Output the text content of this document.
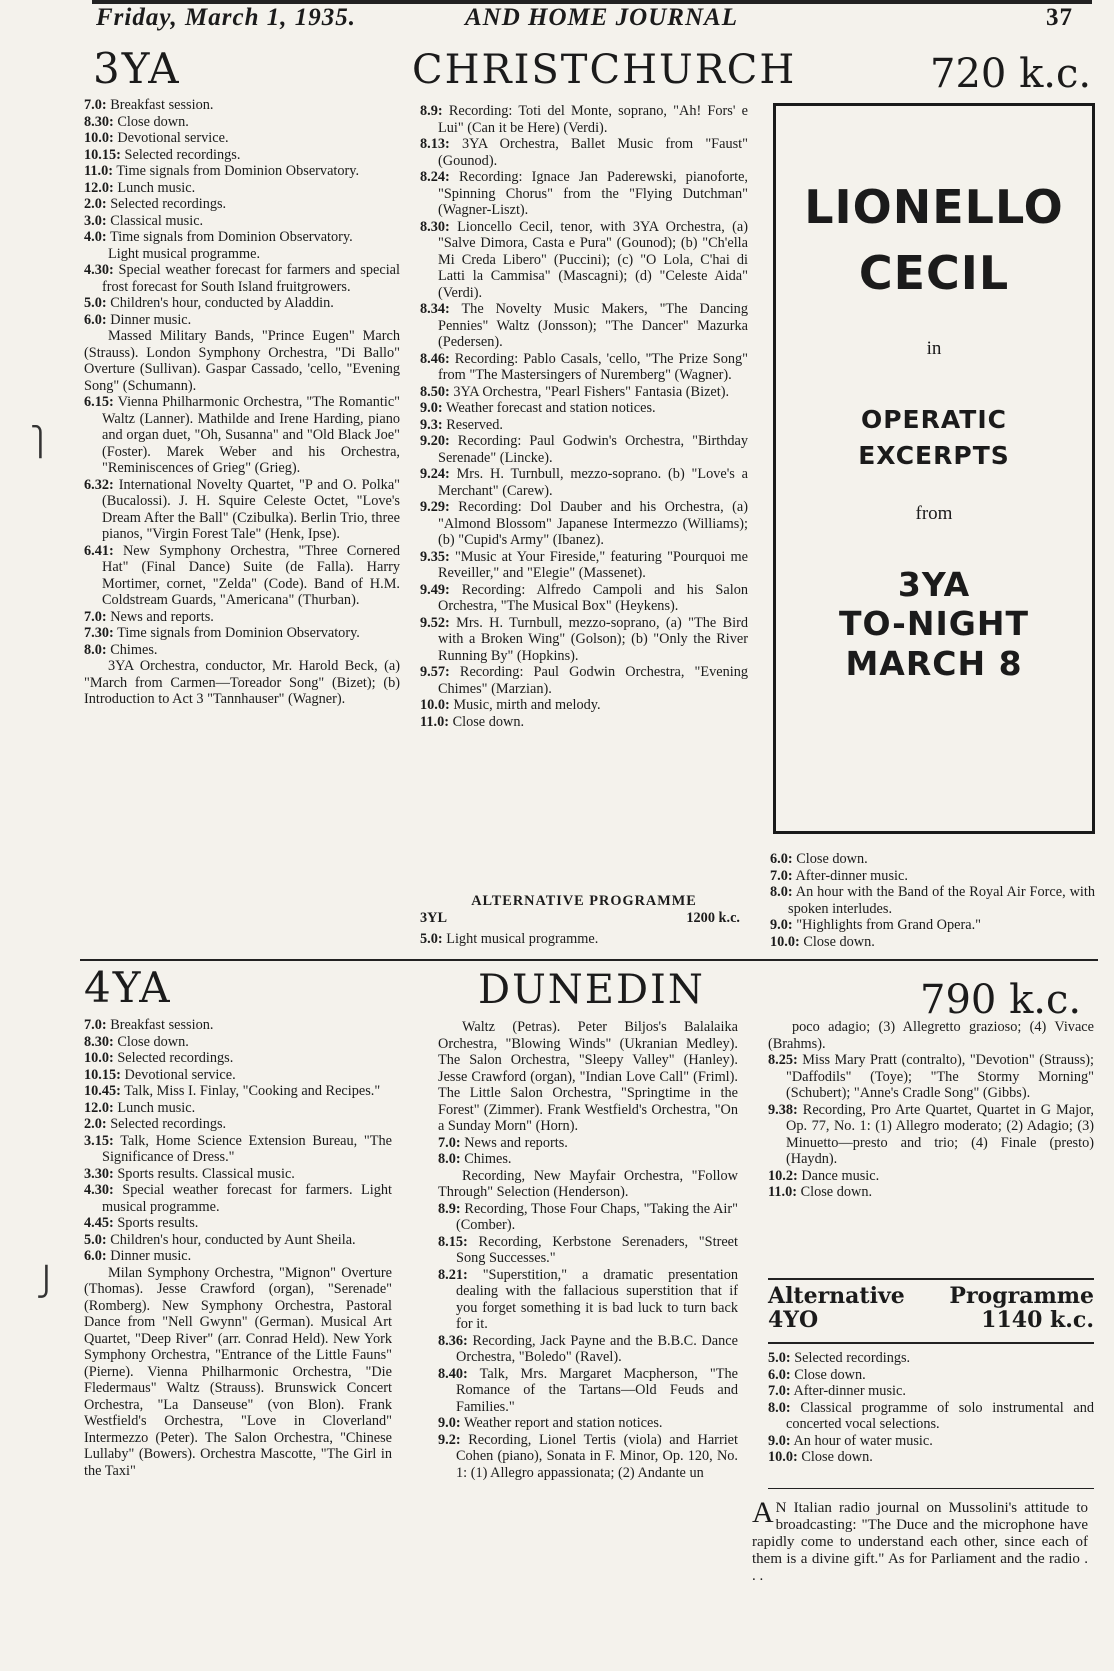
Friday, March 1, 1935.	AND HOME JOURNAL	37
⎫
⎭
3YA	CHRISTCHURCH	720 k.c.

7.0: Breakfast session.

8.30: Close down.

10.0: Devotional service.

10.15: Selected recordings.

11.0: Time signals from Dominion Observatory.

12.0: Lunch music.

2.0: Selected recordings.

3.0: Classical music.

4.0: Time signals from Dominion Observatory.

Light musical programme.

4.30: Special weather forecast for farmers and special frost forecast for South Island fruitgrowers.

5.0: Children's hour, conducted by Aladdin.

6.0: Dinner music.

Massed Military Bands, "Prince Eugen" March (Strauss). London Symphony Orchestra, "Di Ballo" Overture (Sullivan). Gaspar Cassado, 'cello, "Evening Song" (Schumann).

6.15: Vienna Philharmonic Orchestra, "The Romantic" Waltz (Lanner). Mathilde and Irene Harding, piano and organ duet, "Oh, Susanna" and "Old Black Joe" (Foster). Marek Weber and his Orchestra, "Reminiscences of Grieg" (Grieg).

6.32: International Novelty Quartet, "P and O. Polka" (Bucalossi). J. H. Squire Celeste Octet, "Love's Dream After the Ball" (Czibulka). Berlin Trio, three pianos, "Virgin Forest Tale" (Henk, Ipse).

6.41: New Symphony Orchestra, "Three Cornered Hat" (Final Dance) Suite (de Falla). Harry Mortimer, cornet, "Zelda" (Code). Band of H.M. Coldstream Guards, "Americana" (Thurban).

7.0: News and reports.

7.30: Time signals from Dominion Observatory.

8.0: Chimes.

3YA Orchestra, conductor, Mr. Harold Beck, (a) "March from Carmen—Toreador Song" (Bizet); (b) Introduction to Act 3 "Tannhauser" (Wagner).

8.9: Recording: Toti del Monte, soprano, "Ah! Fors' e Lui" (Can it be Here) (Verdi).

8.13: 3YA Orchestra, Ballet Music from "Faust" (Gounod).

8.24: Recording: Ignace Jan Paderewski, pianoforte, "Spinning Chorus" from the "Flying Dutchman" (Wagner-Liszt).

8.30: Lioncello Cecil, tenor, with 3YA Orchestra, (a) "Salve Dimora, Casta e Pura" (Gounod); (b) "Ch'ella Mi Creda Libero" (Puccini); (c) "O Lola, C'hai di Latti la Cammisa" (Mascagni); (d) "Celeste Aida" (Verdi).

8.34: The Novelty Music Makers, "The Dancing Pennies" Waltz (Jonsson); "The Dancer" Mazurka (Pedersen).

8.46: Recording: Pablo Casals, 'cello, "The Prize Song" from "The Mastersingers of Nuremberg" (Wagner).

8.50: 3YA Orchestra, "Pearl Fishers" Fantasia (Bizet).

9.0: Weather forecast and station notices.

9.3: Reserved.

9.20: Recording: Paul Godwin's Orchestra, "Birthday Serenade" (Lincke).

9.24: Mrs. H. Turnbull, mezzo-soprano. (b) "Love's a Merchant" (Carew).

9.29: Recording: Dol Dauber and his Orchestra, (a) "Almond Blossom" Japanese Intermezzo (Williams); (b) "Cupid's Army" (Ibanez).

9.35: "Music at Your Fireside," featuring "Pourquoi me Reveiller," and "Elegie" (Massenet).

9.49: Recording: Alfredo Campoli and his Salon Orchestra, "The Musical Box" (Heykens).

9.52: Mrs. H. Turnbull, mezzo-soprano, (a) "The Bird with a Broken Wing" (Golson); (b) "Only the River Running By" (Hopkins).

9.57: Recording: Paul Godwin Orchestra, "Evening Chimes" (Marzian).

10.0: Music, mirth and melody.

11.0: Close down.

ALTERNATIVE PROGRAMME
3YL	1200 k.c.

5.0: Light musical programme.

LIONELLO
CECIL
in
OPERATIC
EXCERPTS
from
3YA
TO-NIGHT
MARCH 8

6.0: Close down.

7.0: After-dinner music.

8.0: An hour with the Band of the Royal Air Force, with spoken interludes.

9.0: "Highlights from Grand Opera."

10.0: Close down.

4YA	DUNEDIN	790 k.c.

7.0: Breakfast session.

8.30: Close down.

10.0: Selected recordings.

10.15: Devotional service.

10.45: Talk, Miss I. Finlay, "Cooking and Recipes."

12.0: Lunch music.

2.0: Selected recordings.

3.15: Talk, Home Science Extension Bureau, "The Significance of Dress."

3.30: Sports results. Classical music.

4.30: Special weather forecast for farmers. Light musical programme.

4.45: Sports results.

5.0: Children's hour, conducted by Aunt Sheila.

6.0: Dinner music.

Milan Symphony Orchestra, "Mignon" Overture (Thomas). Jesse Crawford (organ), "Serenade" (Romberg). New Symphony Orchestra, Pastoral Dance from "Nell Gwynn" (German). Musical Art Quartet, "Deep River" (arr. Conrad Held). New York Symphony Orchestra, "Entrance of the Little Fauns" (Pierne). Vienna Philharmonic Orchestra, "Die Fledermaus" Waltz (Strauss). Brunswick Concert Orchestra, "La Danseuse" (von Blon). Frank Westfield's Orchestra, "Love in Cloverland" Intermezzo (Peter). The Salon Orchestra, "Chinese Lullaby" (Bowers). Orchestra Mascotte, "The Girl in the Taxi"

Waltz (Petras). Peter Biljos's Balalaika Orchestra, "Blowing Winds" (Ukranian Medley). The Salon Orchestra, "Sleepy Valley" (Hanley). Jesse Crawford (organ), "Indian Love Call" (Friml). The Little Salon Orchestra, "Springtime in the Forest" (Zimmer). Frank Westfield's Orchestra, "On a Sunday Morn" (Horn).

7.0: News and reports.

8.0: Chimes.

Recording, New Mayfair Orchestra, "Follow Through" Selection (Henderson).

8.9: Recording, Those Four Chaps, "Taking the Air" (Comber).

8.15: Recording, Kerbstone Serenaders, "Street Song Successes."

8.21: "Superstition," a dramatic presentation dealing with the fallacious superstition that if you forget something it is bad luck to turn back for it.

8.36: Recording, Jack Payne and the B.B.C. Dance Orchestra, "Boledo" (Ravel).

8.40: Talk, Mrs. Margaret Macpherson, "The Romance of the Tartans—Old Feuds and Families."

9.0: Weather report and station notices.

9.2: Recording, Lionel Tertis (viola) and Harriet Cohen (piano), Sonata in F. Minor, Op. 120, No. 1: (1) Allegro appassionata; (2) Andante un

poco adagio; (3) Allegretto grazioso; (4) Vivace (Brahms).

8.25: Miss Mary Pratt (contralto), "Devotion" (Strauss); "Daffodils" (Toye); "The Stormy Morning" (Schubert); "Anne's Cradle Song" (Gibbs).

9.38: Recording, Pro Arte Quartet, Quartet in G Major, Op. 77, No. 1: (1) Allegro moderato; (2) Adagio; (3) Minuetto—presto and trio; (4) Finale (presto) (Haydn).

10.2: Dance music.

11.0: Close down.

Alternative Programme
4YO	1140 k.c.

5.0: Selected recordings.

6.0: Close down.

7.0: After-dinner music.

8.0: Classical programme of solo instrumental and concerted vocal selections.

9.0: An hour of water music.

10.0: Close down.

A N Italian radio journal on Mussolini's attitude to broadcasting: "The Duce and the microphone have rapidly come to understand each other, since each of them is a divine gift." As for Parliament and the radio . . .
